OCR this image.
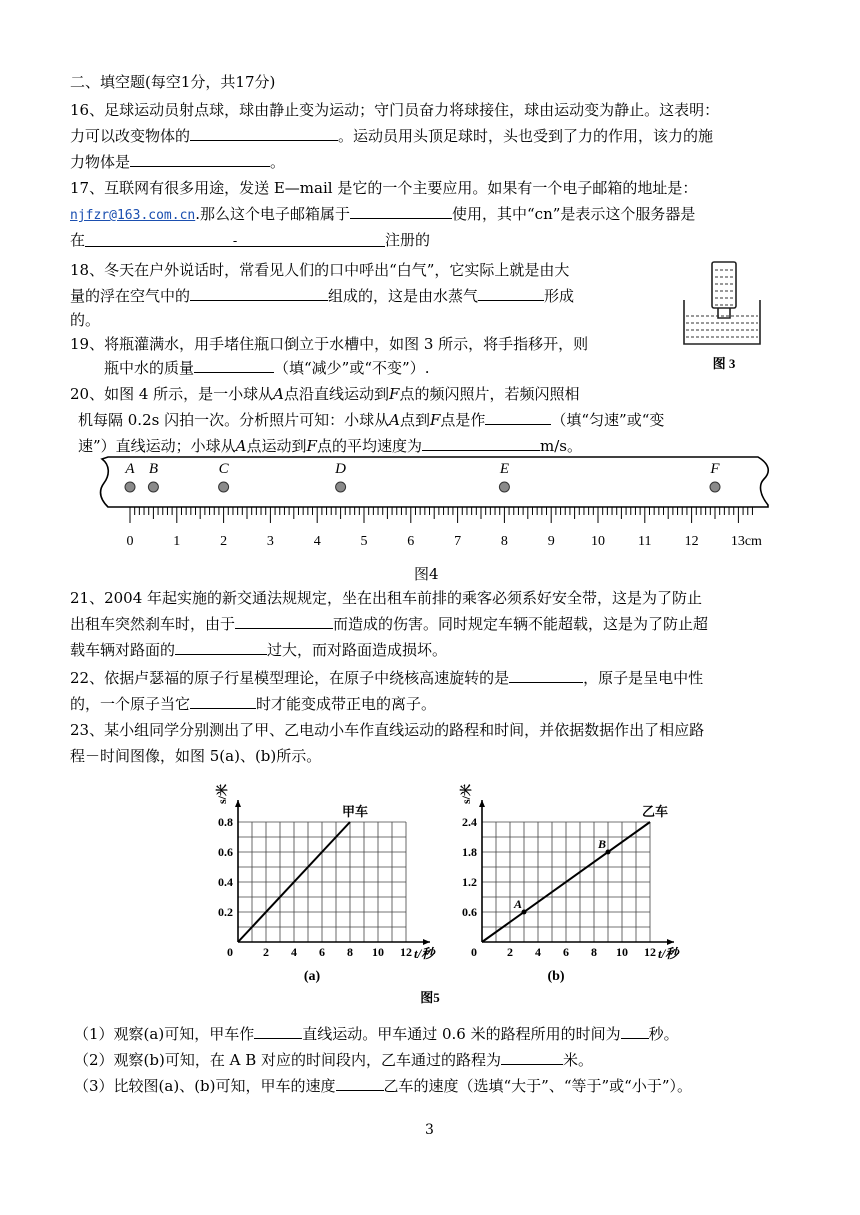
二、填空题(每空1分，共17分)
16、足球运动员射点球，球由静止变为运动；守门员奋力将球接住，球由运动变为静止。这表明：
力可以改变物体的	。运动员用头顶足球时，头也受到了力的作用，该力的施
力物体是	。
17、互联网有很多用途，发送 E—mail 是它的一个主要应用。如果有一个电子邮箱的地址是：
njfzr@163.com.cn.那么这个电子邮箱属于	使用，其中“cn”是表示这个服务器是
在	-	注册的
18、冬天在户外说话时，常看见人们的口中呼出“白气”，它实际上就是由大
量的浮在空气中的	组成的，这是由水蒸气	形成
的。
19、将瓶灌满水，用手堵住瓶口倒立于水槽中，如图 3 所示，将手指移开，则
瓶中水的质量	（填“减少”或“不变”）.
20、如图 4 所示，是一小球从A点沿直线运动到F点的频闪照片，若频闪照相
机每隔 0.2s 闪拍一次。分析照片可知：小球从A点到F点是作	（填“匀速”或“变
速”）直线运动；小球从A点运动到F点的平均速度为	m/s。
图 3
A B	C	D	E	F
0	1	2	3	4	5	6	7	8	9	10 11 12 13cm
图4
21、2004 年起实施的新交通法规规定，坐在出租车前排的乘客必须系好安全带，这是为了防止
出租车突然刹车时，由于	而造成的伤害。同时规定车辆不能超载，这是为了防止超
载车辆对路面的	过大，而对路面造成损坏。
22、依据卢瑟福的原子行星模型理论，在原子中绕核高速旋转的是	，原子是呈电中性
的，一个原子当它	时才能变成带正电的离子。
23、某小组同学分别测出了甲、乙电动小车作直线运动的路程和时间，并依据数据作出了相应路
程－时间图像，如图 5(a)、(b)所示。
t/秒
s/米
0
0.2
0.4
0.6
0.8
2 4 6 8 10 12
甲车
(a)
t/秒
s/米
0
0.6
1.2
1.8
2.4
2 4 6 8 10 12
乙车
A
B
(b)
图5
（1）观察(a)可知，甲车作	直线运动。甲车通过 0.6 米的路程所用的时间为 秒。
（2）观察(b)可知，在 A B 对应的时间段内，乙车通过的路程为	米。
（3）比较图(a)、(b)可知，甲车的速度	乙车的速度（选填“大于”、“等于”或“小于”）。
3
